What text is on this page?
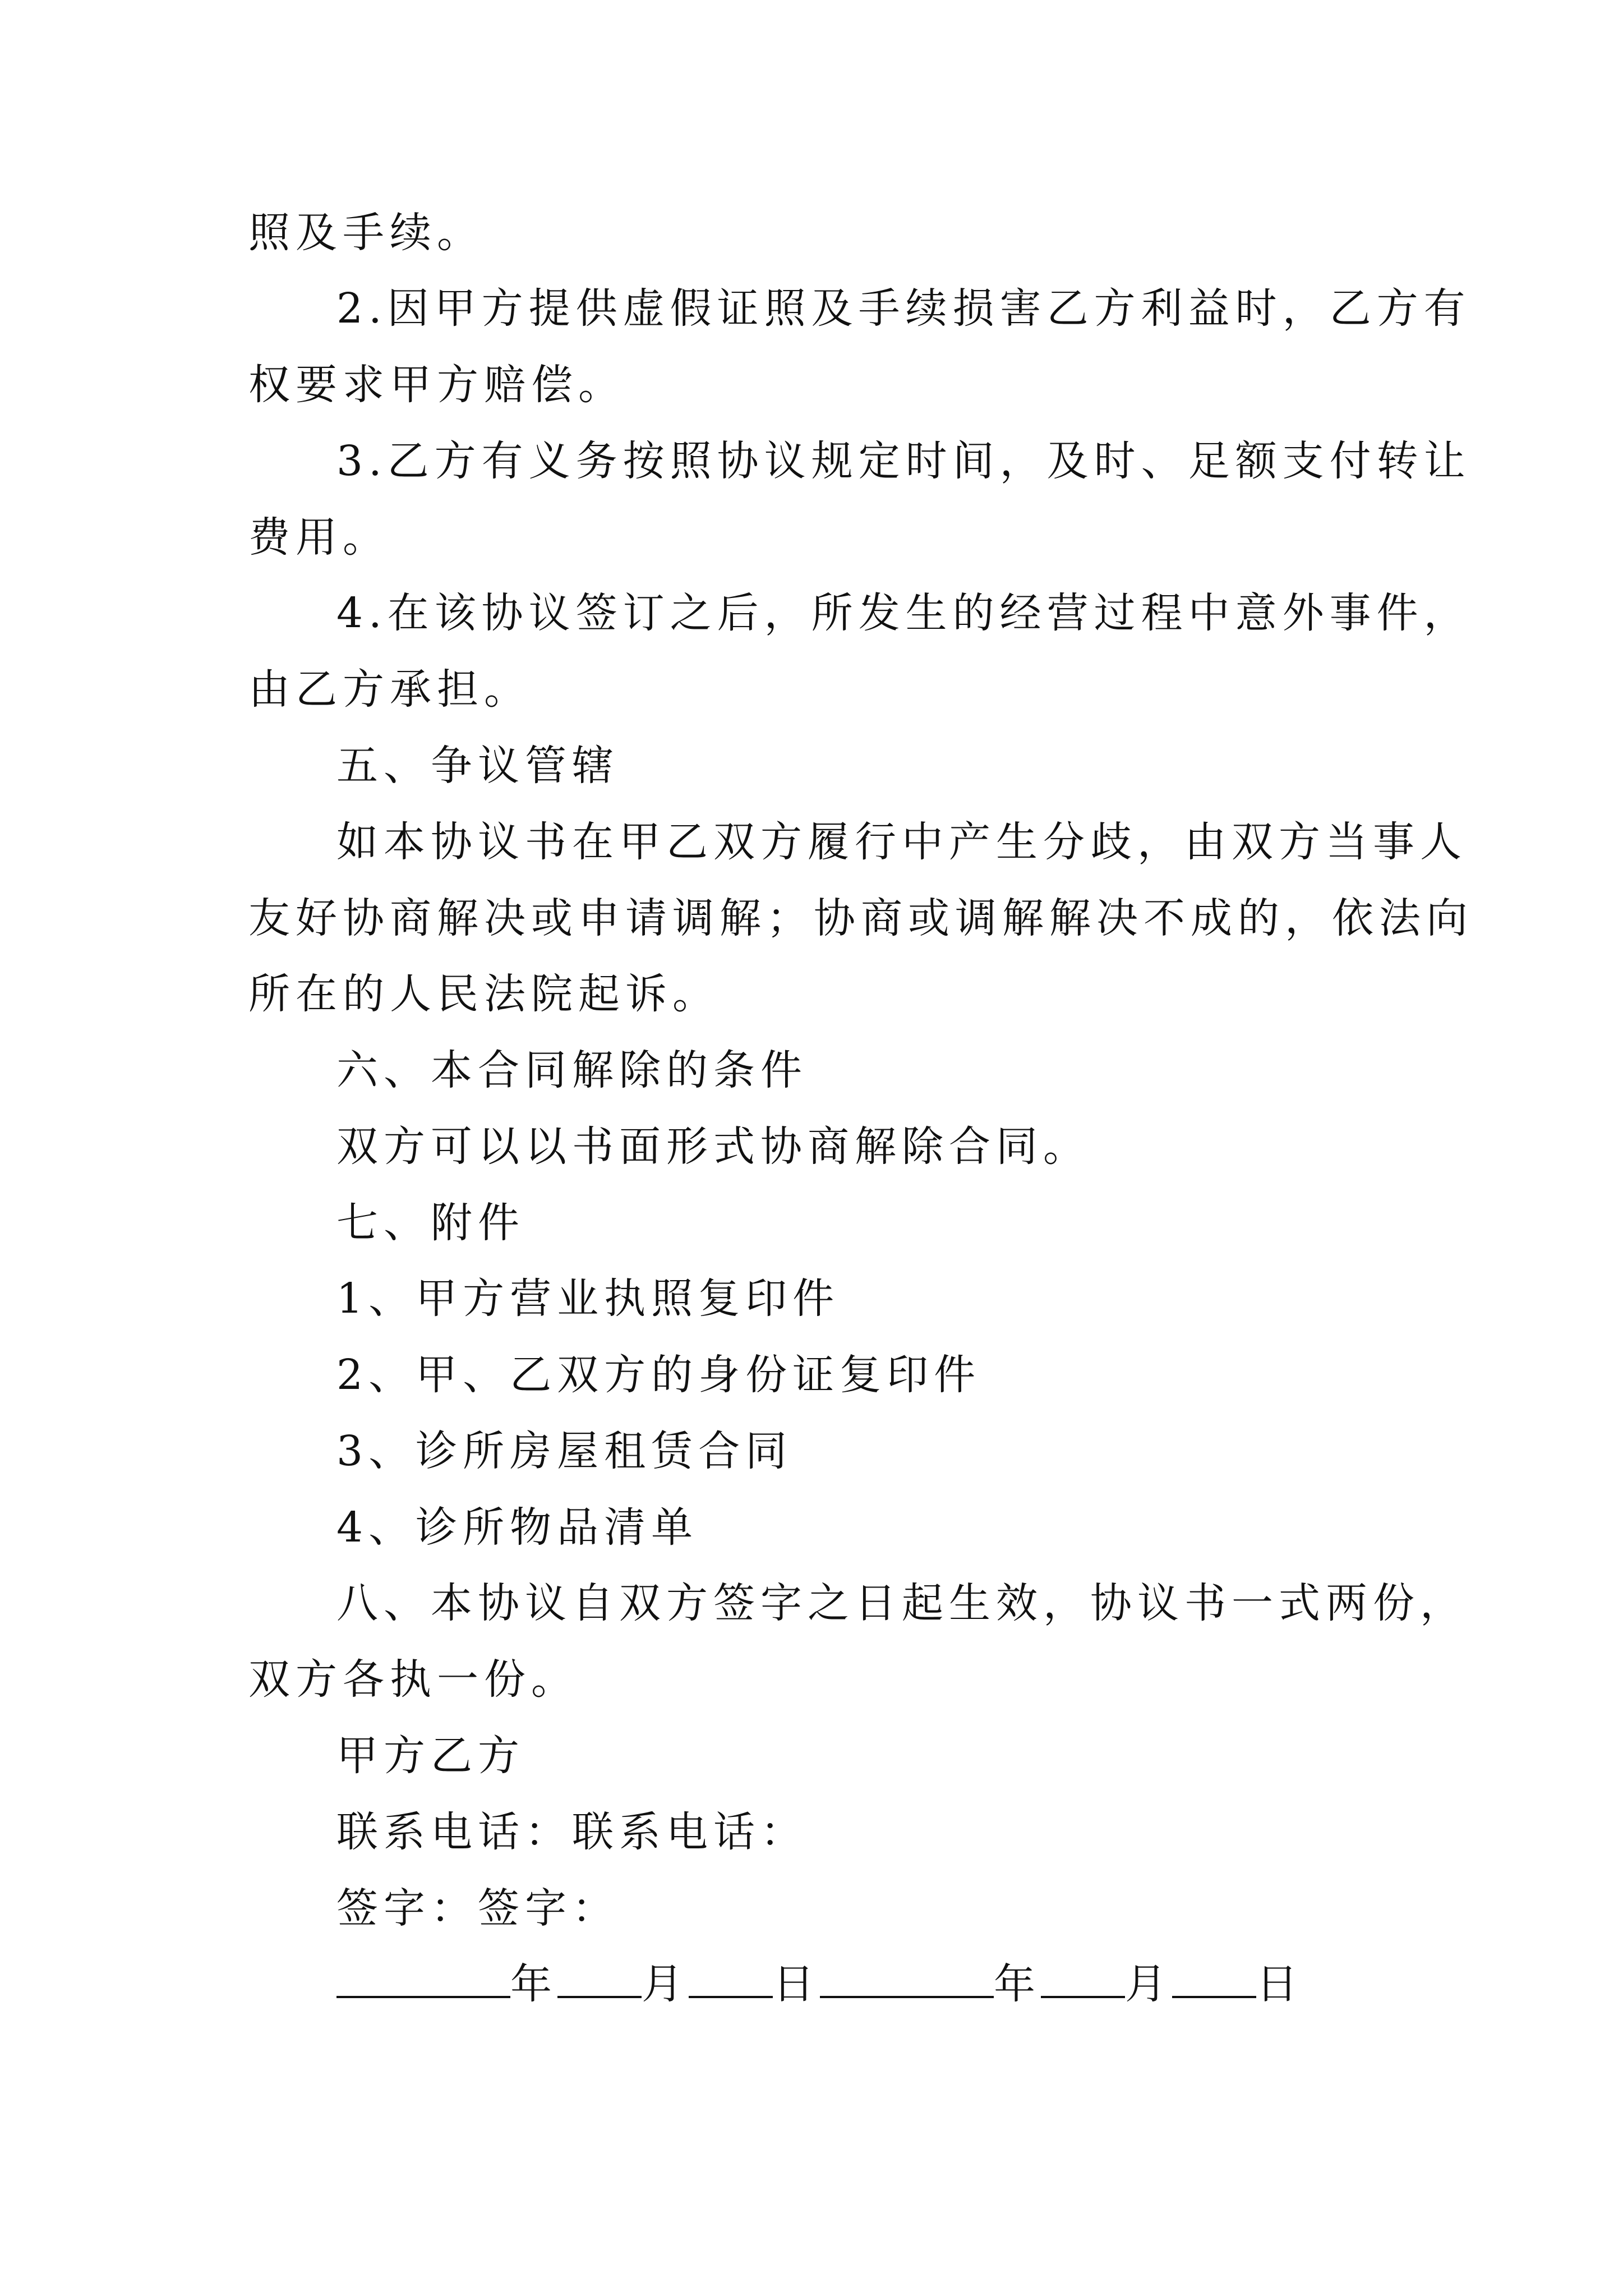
照及手续。
2.因甲方提供虚假证照及手续损害乙方利益时，乙方有
权要求甲方赔偿。
3.乙方有义务按照协议规定时间，及时、足额支付转让
费用。
4.在该协议签订之后，所发生的经营过程中意外事件，
由乙方承担。
五、争议管辖
如本协议书在甲乙双方履行中产生分歧，由双方当事人
友好协商解决或申请调解；协商或调解解决不成的，依法向
所在的人民法院起诉。
六、本合同解除的条件
双方可以以书面形式协商解除合同。
七、附件
1、甲方营业执照复印件
2、甲、乙双方的身份证复印件
3、诊所房屋租赁合同
4、诊所物品清单
八、本协议自双方签字之日起生效，协议书一式两份，
双方各执一份。
甲方乙方
联系电话：联系电话：
签字：签字：
年 月 日	年 月 日
